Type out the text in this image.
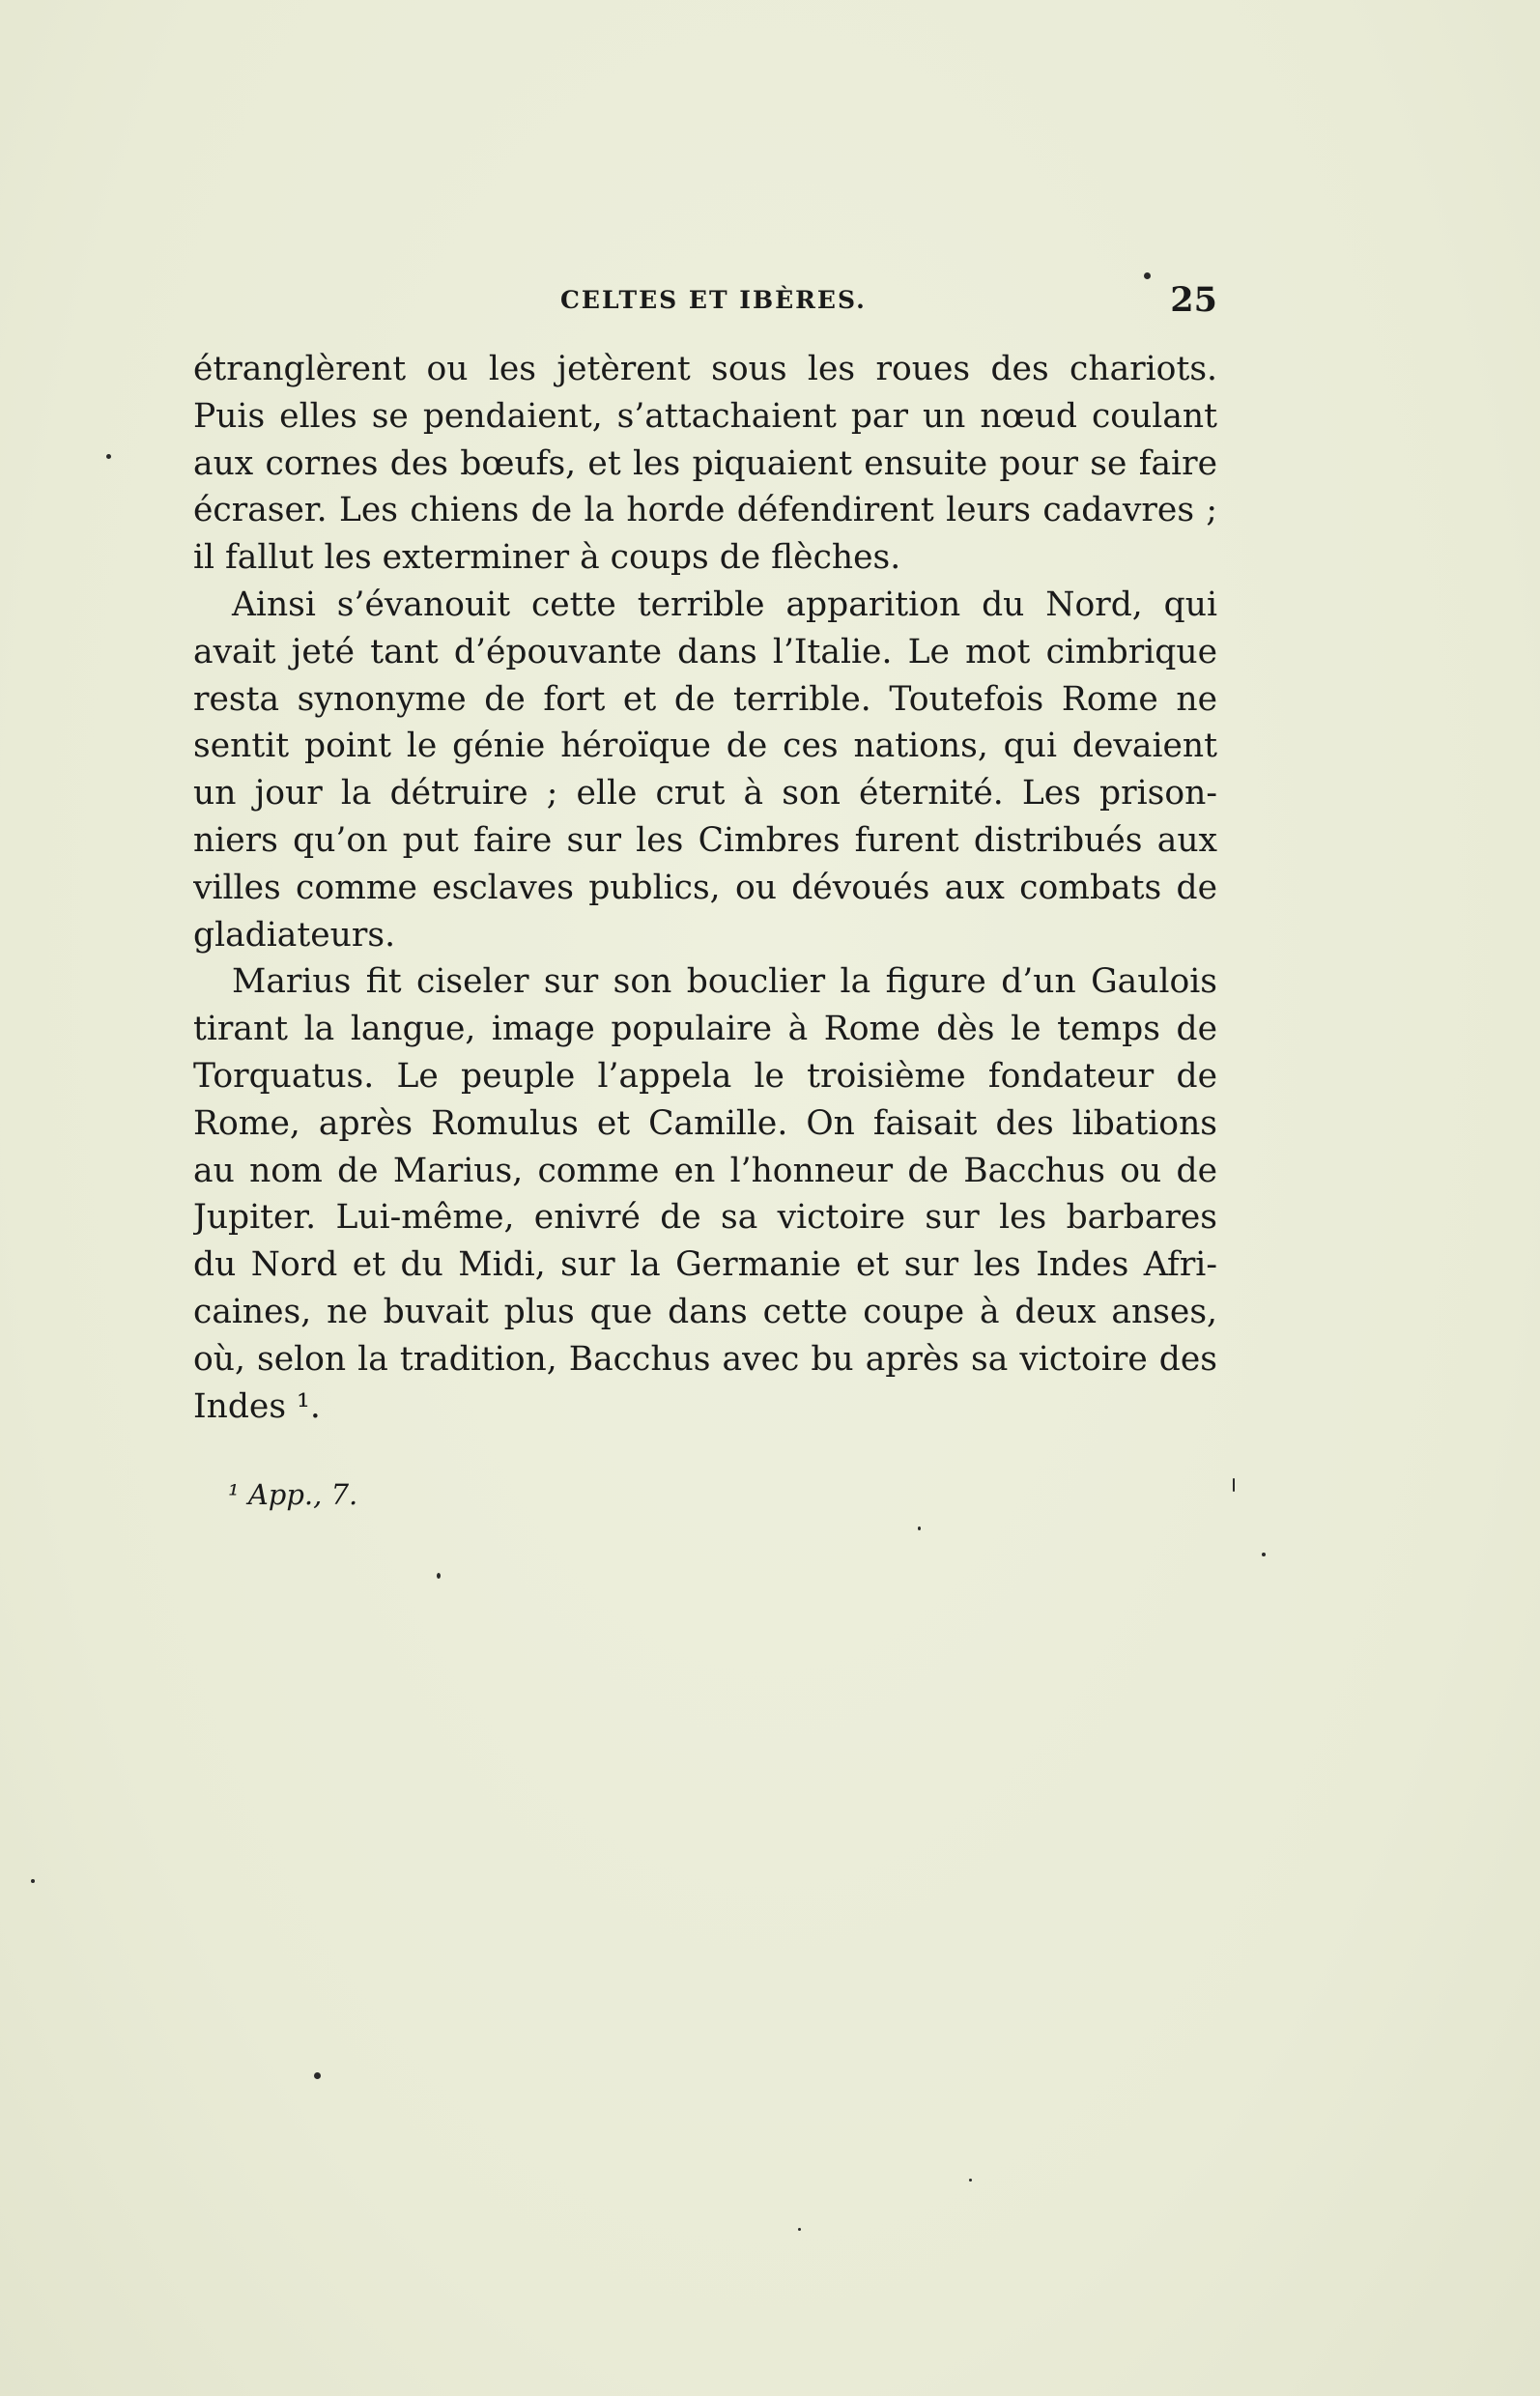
CELTES ET IBÈRES.	25
étranglèrent ou les jetèrent sous les roues des chariots.
Puis elles se pendaient, s’attachaient par un nœud coulant
aux cornes des bœufs, et les piquaient ensuite pour se faire
écraser. Les chiens de la horde défendirent leurs cadavres ;
il fallut les exterminer à coups de flèches.
Ainsi s’évanouit cette terrible apparition du Nord, qui
avait jeté tant d’épouvante dans l’Italie. Le mot cimbrique
resta synonyme de fort et de terrible. Toutefois Rome ne
sentit point le génie héroïque de ces nations, qui devaient
un jour la détruire ; elle crut à son éternité. Les prison-
niers qu’on put faire sur les Cimbres furent distribués aux
villes comme esclaves publics, ou dévoués aux combats de
gladiateurs.
Marius fit ciseler sur son bouclier la figure d’un Gaulois
tirant la langue, image populaire à Rome dès le temps de
Torquatus. Le peuple l’appela le troisième fondateur de
Rome, après Romulus et Camille. On faisait des libations
au nom de Marius, comme en l’honneur de Bacchus ou de
Jupiter. Lui-même, enivré de sa victoire sur les barbares
du Nord et du Midi, sur la Germanie et sur les Indes Afri-
caines, ne buvait plus que dans cette coupe à deux anses,
où, selon la tradition, Bacchus avec bu après sa victoire des
Indes ¹.
¹ App., 7.
